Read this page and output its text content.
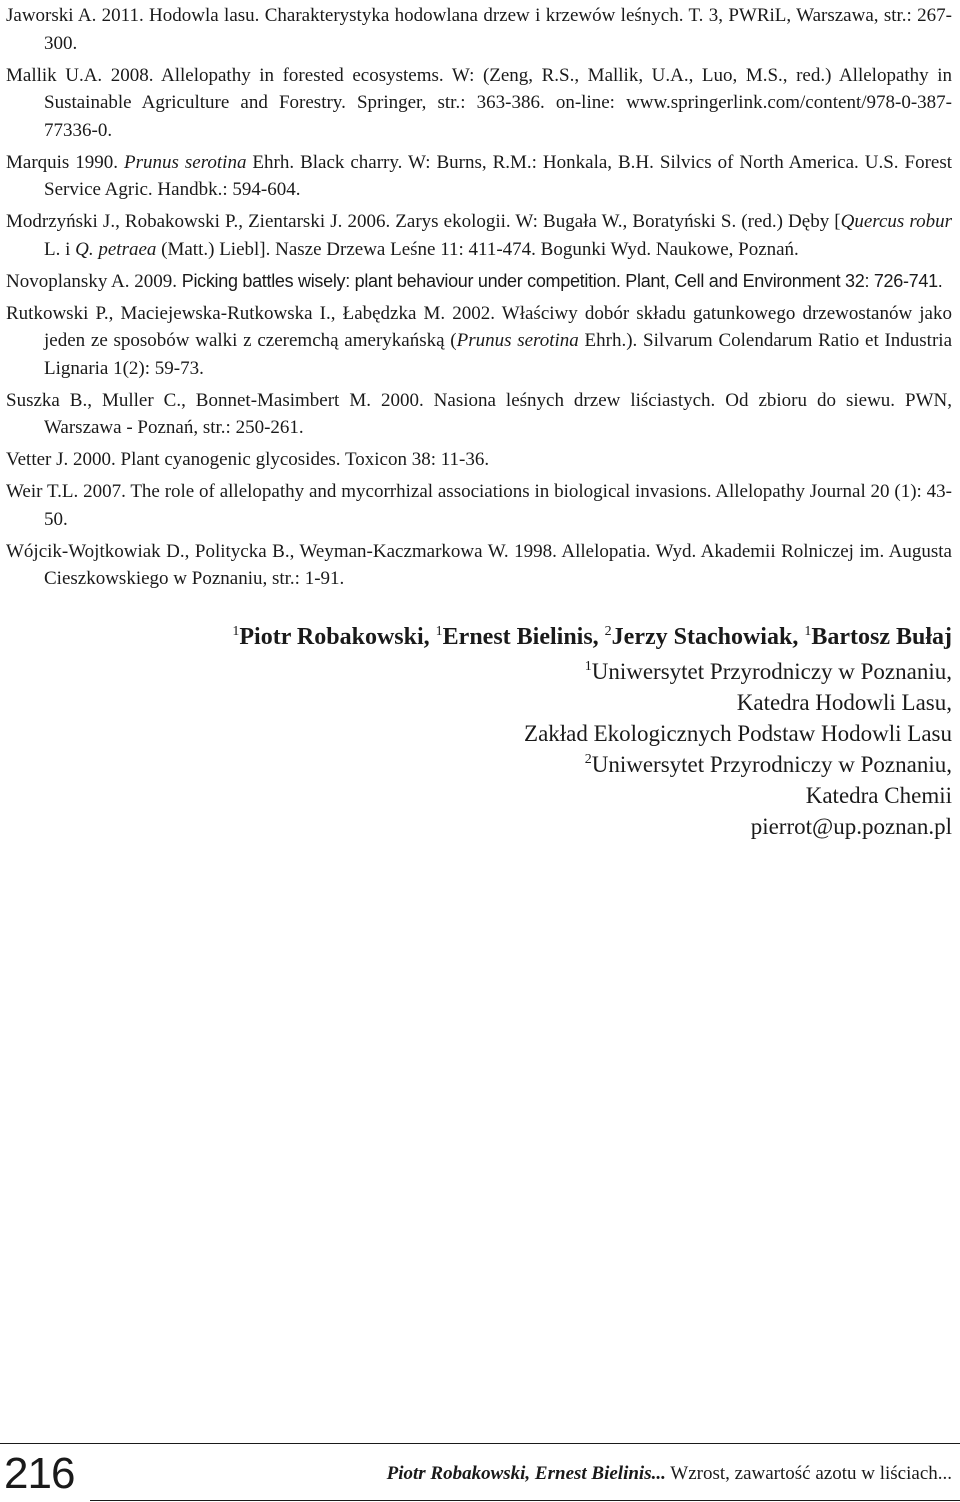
Jaworski A. 2011. Hodowla lasu. Charakterystyka hodowlana drzew i krzewów leśnych. T. 3, PWRiL, Warszawa, str.: 267-300.
Mallik U.A. 2008. Allelopathy in forested ecosystems. W: (Zeng, R.S., Mallik, U.A., Luo, M.S., red.) Allelopathy in Sustainable Agriculture and Forestry. Springer, str.: 363-386. on-line: www.springerlink.com/content/978-0-387-77336-0.
Marquis 1990. Prunus serotina Ehrh. Black charry. W: Burns, R.M.: Honkala, B.H. Silvics of North America. U.S. Forest Service Agric. Handbk.: 594-604.
Modrzyński J., Robakowski P., Zientarski J. 2006. Zarys ekologii. W: Bugała W., Boratyński S. (red.) Dęby [Quercus robur L. i Q. petraea (Matt.) Liebl]. Nasze Drzewa Leśne 11: 411-474. Bogunki Wyd. Naukowe, Poznań.
Novoplansky A. 2009. Picking battles wisely: plant behaviour under competition. Plant, Cell and Environment 32: 726-741.
Rutkowski P., Maciejewska-Rutkowska I., Łabędzka M. 2002. Właściwy dobór składu gatunkowego drzewostanów jako jeden ze sposobów walki z czeremchą amerykańską (Prunus serotina Ehrh.). Silvarum Colendarum Ratio et Industria Lignaria 1(2): 59-73.
Suszka B., Muller C., Bonnet-Masimbert M. 2000. Nasiona leśnych drzew liściastych. Od zbioru do siewu. PWN, Warszawa - Poznań, str.: 250-261.
Vetter J. 2000. Plant cyanogenic glycosides. Toxicon 38: 11-36.
Weir T.L. 2007. The role of allelopathy and mycorrhizal associations in biological invasions. Allelopathy Journal 20 (1): 43-50.
Wójcik-Wojtkowiak D., Politycka B., Weyman-Kaczmarkowa W. 1998. Allelopatia. Wyd. Akademii Rolniczej im. Augusta Cieszkowskiego w Poznaniu, str.: 1-91.
$^1$Piotr Robakowski, $^1$Ernest Bielinis, $^2$Jerzy Stachowiak, $^1$Bartosz Bułaj
$^1$Uniwersytet Przyrodniczy w Poznaniu,
Katedra Hodowli Lasu,
Zakład Ekologicznych Podstaw Hodowli Lasu
$^2$Uniwersytet Przyrodniczy w Poznaniu,
Katedra Chemii
pierrot@up.poznan.pl
216	Piotr Robakowski, Ernest Bielinis... Wzrost, zawartość azotu w liściach...
